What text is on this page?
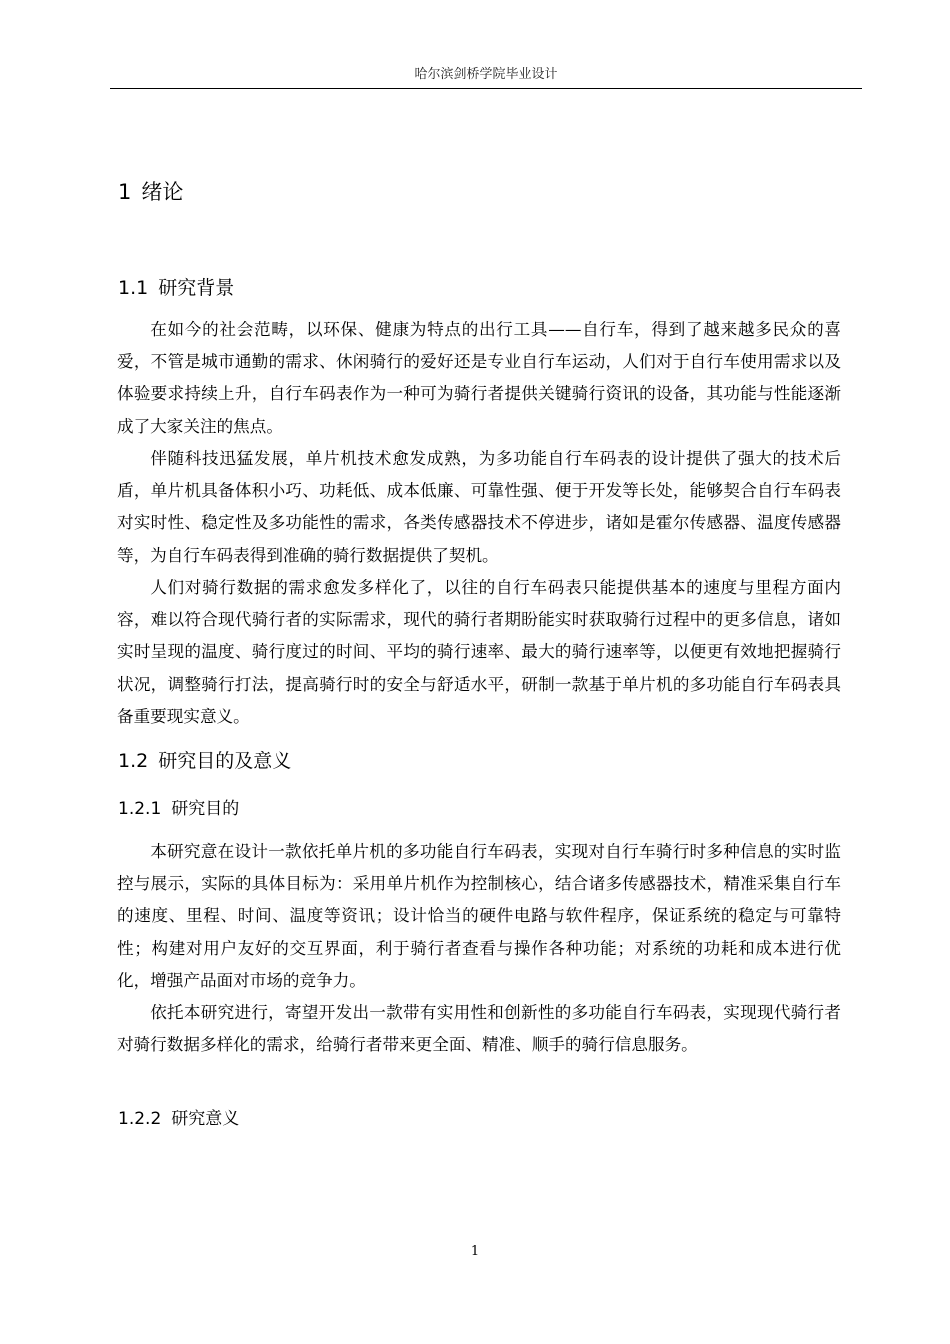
哈尔滨剑桥学院毕业设计
1 绪论
1.1 研究背景

在如今的社会范畴，以环保、健康为特点的出行工具——自行车，得到了越来越多民众的喜爱，不管是城市通勤的需求、休闲骑行的爱好还是专业自行车运动，人们对于自行车使用需求以及体验要求持续上升，自行车码表作为一种可为骑行者提供关键骑行资讯的设备，其功能与性能逐渐成了大家关注的焦点。

伴随科技迅猛发展，单片机技术愈发成熟，为多功能自行车码表的设计提供了强大的技术后盾，单片机具备体积小巧、功耗低、成本低廉、可靠性强、便于开发等长处，能够契合自行车码表对实时性、稳定性及多功能性的需求，各类传感器技术不停进步，诸如是霍尔传感器、温度传感器等，为自行车码表得到准确的骑行数据提供了契机。

人们对骑行数据的需求愈发多样化了，以往的自行车码表只能提供基本的速度与里程方面内容，难以符合现代骑行者的实际需求，现代的骑行者期盼能实时获取骑行过程中的更多信息，诸如实时呈现的温度、骑行度过的时间、平均的骑行速率、最大的骑行速率等，以便更有效地把握骑行状况，调整骑行打法，提高骑行时的安全与舒适水平，研制一款基于单片机的多功能自行车码表具备重要现实意义。

1.2 研究目的及意义
1.2.1 研究目的

本研究意在设计一款依托单片机的多功能自行车码表，实现对自行车骑行时多种信息的实时监控与展示，实际的具体目标为：采用单片机作为控制核心，结合诸多传感器技术，精准采集自行车的速度、里程、时间、温度等资讯；设计恰当的硬件电路与软件程序，保证系统的稳定与可靠特性；构建对用户友好的交互界面，利于骑行者查看与操作各种功能；对系统的功耗和成本进行优化，增强产品面对市场的竞争力。

依托本研究进行，寄望开发出一款带有实用性和创新性的多功能自行车码表，实现现代骑行者对骑行数据多样化的需求，给骑行者带来更全面、精准、顺手的骑行信息服务。

1.2.2 研究意义
1
